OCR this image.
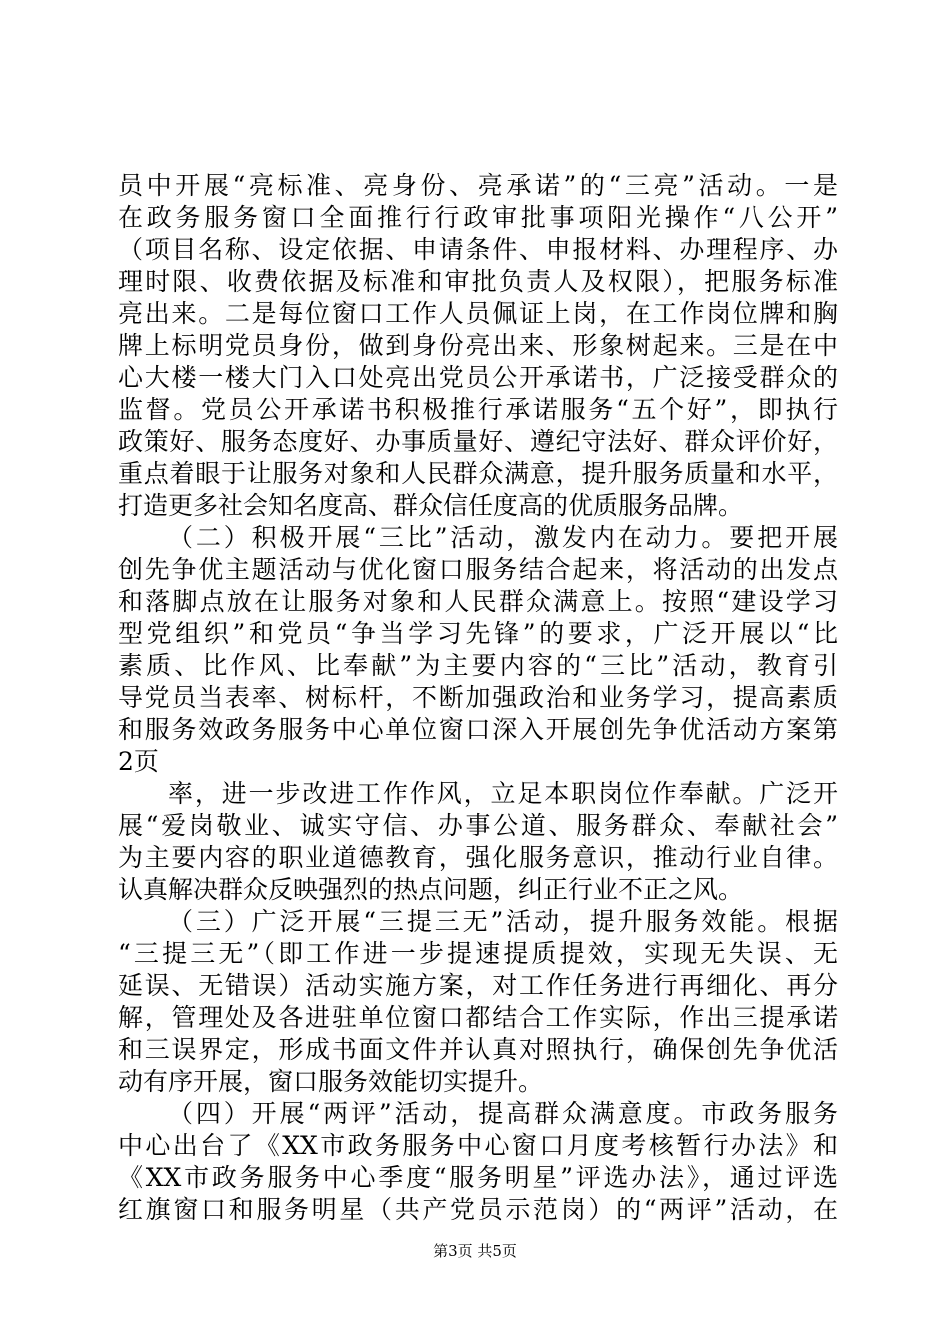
员中开展“亮标准、亮身份、亮承诺”的“三亮”活动。一是
在政务服务窗口全面推行行政审批事项阳光操作“八公开”
（项目名称、设定依据、申请条件、申报材料、办理程序、办
理时限、收费依据及标准和审批负责人及权限），把服务标准
亮出来。二是每位窗口工作人员佩证上岗，在工作岗位牌和胸
牌上标明党员身份，做到身份亮出来、形象树起来。三是在中
心大楼一楼大门入口处亮出党员公开承诺书，广泛接受群众的
监督。党员公开承诺书积极推行承诺服务“五个好”，即执行
政策好、服务态度好、办事质量好、遵纪守法好、群众评价好，
重点着眼于让服务对象和人民群众满意，提升服务质量和水平，
打造更多社会知名度高、群众信任度高的优质服务品牌。
（二）积极开展“三比”活动，激发内在动力。要把开展
创先争优主题活动与优化窗口服务结合起来，将活动的出发点
和落脚点放在让服务对象和人民群众满意上。按照“建设学习
型党组织”和党员“争当学习先锋”的要求，广泛开展以“比
素质、比作风、比奉献”为主要内容的“三比”活动，教育引
导党员当表率、树标杆，不断加强政治和业务学习，提高素质
和服务效政务服务中心单位窗口深入开展创先争优活动方案第
2页
率，进一步改进工作作风，立足本职岗位作奉献。广泛开
展“爱岗敬业、诚实守信、办事公道、服务群众、奉献社会”
为主要内容的职业道德教育，强化服务意识，推动行业自律。
认真解决群众反映强烈的热点问题，纠正行业不正之风。
（三）广泛开展“三提三无”活动，提升服务效能。根据
“三提三无”（即工作进一步提速提质提效，实现无失误、无
延误、无错误）活动实施方案，对工作任务进行再细化、再分
解，管理处及各进驻单位窗口都结合工作实际，作出三提承诺
和三误界定，形成书面文件并认真对照执行，确保创先争优活
动有序开展，窗口服务效能切实提升。
（四）开展“两评”活动，提高群众满意度。市政务服务
中心出台了《XX市政务服务中心窗口月度考核暂行办法》和
《XX市政务服务中心季度“服务明星”评选办法》，通过评选
红旗窗口和服务明星（共产党员示范岗）的“两评”活动，在
第3页 共5页
